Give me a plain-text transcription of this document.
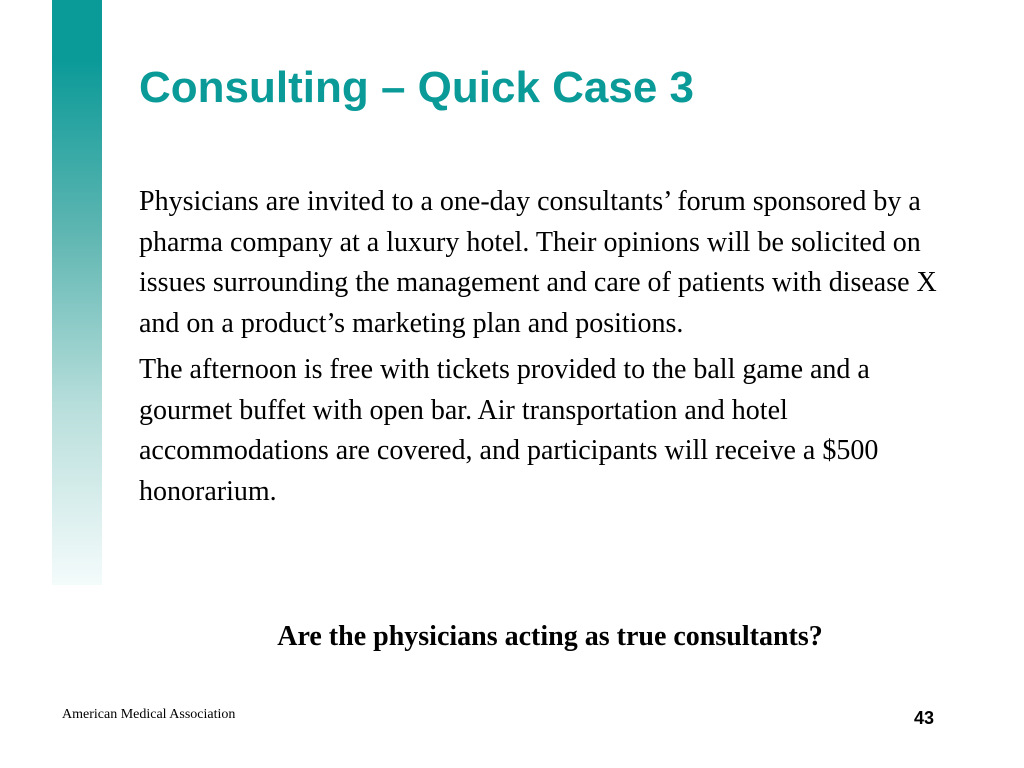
Consulting – Quick Case 3

Physicians are invited to a one-day consultants’ forum sponsored by a pharma company at a luxury hotel. Their opinions will be solicited on issues surrounding the management and care of patients with disease X and on a product’s marketing plan and positions.

The afternoon is free with tickets provided to the ball game and a gourmet buffet with open bar. Air transportation and hotel accommodations are covered, and participants will receive a $500 honorarium.

Are the physicians acting as true consultants?
American Medical Association	43
